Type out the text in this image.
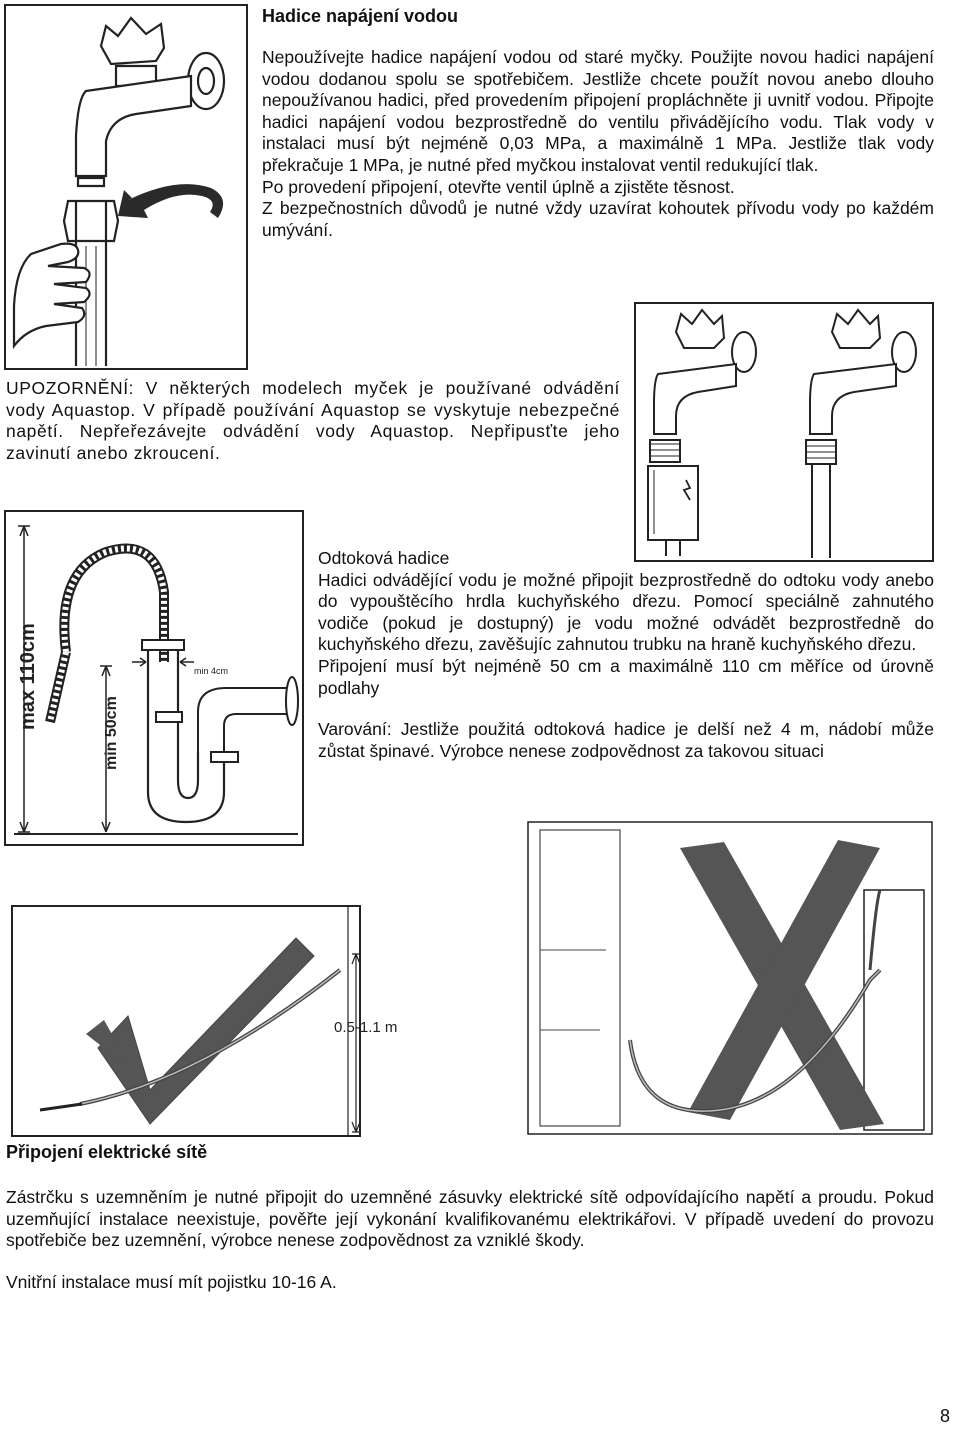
Hadice napájení vodou

Nepoužívejte hadice napájení vodou od staré myčky. Použijte novou hadici napájení vodou dodanou spolu se spotřebičem. Jestliže chcete použít novou anebo dlouho nepoužívanou hadici, před provedením připojení propláchněte ji uvnitř vodou. Připojte hadici napájení vodou bezprostředně do ventilu přivádějícího vodu. Tlak vody v instalaci musí být nejméně 0,03 MPa, a maximálně 1 MPa. Jestliže tlak vody překračuje 1 MPa, je nutné před myčkou instalovat ventil redukující tlak.

Po provedení připojení, otevřte ventil úplně a zjistěte těsnost.

Z bezpečnostních důvodů je nutné vždy uzavírat kohoutek přívodu vody po každém umývání.

UPOZORNĚNÍ: V některých modelech myček je používané odvádění vody Aquastop. V případě používání Aquastop se vyskytuje nebezpečné napětí. Nepřeřezávejte odvádění vody Aquastop. Nepřipusťte jeho zavinutí anebo zkroucení.

max 110cm
min 50cm
min 4cm

Odtoková hadice

Hadici odvádějící vodu je možné připojit bezprostředně do odtoku vody anebo do vypouštěcího hrdla kuchyňského dřezu. Pomocí speciálně zahnutého vodiče (pokud je dostupný) je vodu možné odvádět bezprostředně do kuchyňského dřezu, zavěšujíc zahnutou trubku na hraně kuchyňského dřezu.

Připojení musí být nejméně 50 cm a maximálně 110 cm měříce od úrovně podlahy

Varování: Jestliže použitá odtoková hadice je delší než 4 m, nádobí může zůstat špinavé. Výrobce nenese zodpovědnost za takovou situaci

0.5-1.1 m
Připojení elektrické sítě

Zástrčku s uzemněním je nutné připojit do uzemněné zásuvky elektrické sítě odpovídajícího napětí a proudu. Pokud uzemňující instalace neexistuje, pověřte její vykonání kvalifikovanému elektrikářovi. V případě uvedení do provozu spotřebiče bez uzemnění, výrobce nenese zodpovědnost za vzniklé škody.

Vnitřní instalace musí mít pojistku 10-16 A.

8
